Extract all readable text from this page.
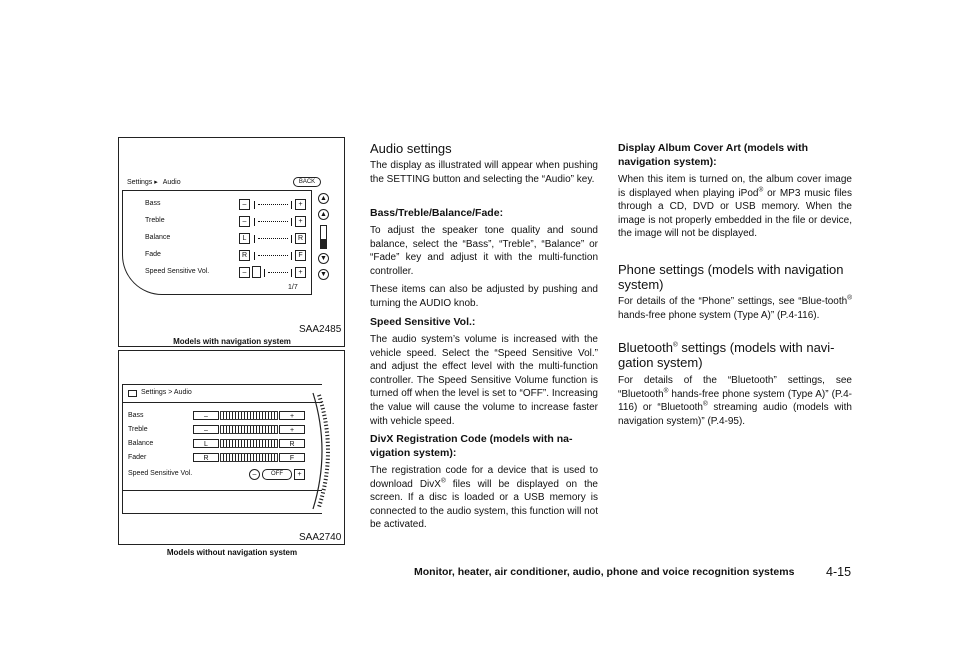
Settings ▸ Audio	BACK
Bass	–	+
Treble	–	+
Balance	L	R
Fade	R	F
Speed Sensitive Vol.	–	+
1/7
▲
▲
▼
▼
SAA2485
Models with navigation system
Settings > Audio
Bass	–	+
Treble	–	+
Balance	L	R
Fader	R	F
Speed Sensitive Vol.	–	OFF	+
SAA2740
Models without navigation system
Audio settings

The display as illustrated will appear when pushing the SETTING button and selecting the “Audio” key.

Bass/Treble/Balance/Fade:

To adjust the speaker tone quality and sound balance, select the “Bass”, “Treble”, “Balance” or “Fade” key and adjust it with the multi-function controller.

These items can also be adjusted by pushing and turning the AUDIO knob.

Speed Sensitive Vol.:

The audio system’s volume is increased with the vehicle speed. Select the “Speed Sensitive Vol.” and adjust the effect level with the multi-function controller. The Speed Sensitive Volume function is turned off when the level is set to “OFF”. Increasing the value will cause the volume to increase faster with vehicle speed.

DivX Registration Code (models with na-
vigation system):

The registration code for a device that is used to download DivX® files will be displayed on the screen. If a disc is loaded or a USB memory is connected to the audio system, this function will not be activated.

Display Album Cover Art (models with
navigation system):

When this item is turned on, the album cover image is displayed when playing iPod® or MP3 music files through a CD, DVD or USB memory. When the image is not properly embedded in the file or device, the image will not be displayed.

Phone settings (models with navigation
system)

For details of the “Phone” settings, see “Blue-tooth® hands-free phone system (Type A)” (P.4-116).

Bluetooth® settings (models with navi-
gation system)

For details of the “Bluetooth” settings, see “Bluetooth® hands-free phone system (Type A)” (P.4-116) or “Bluetooth® streaming audio (models with navigation system)” (P.4-95).

Monitor, heater, air conditioner, audio, phone and voice recognition systems	4-15
